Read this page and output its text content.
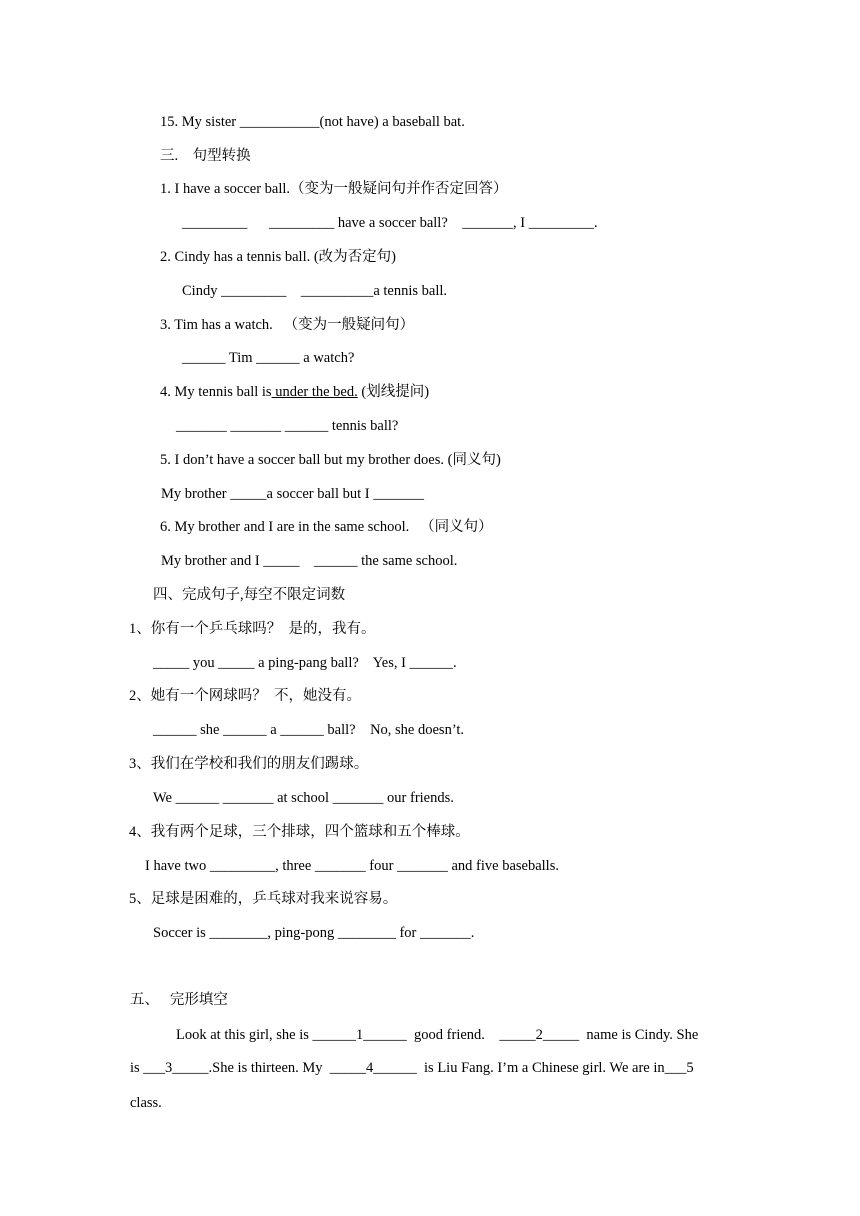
15. My sister ___________(not have) a baseball bat.
三.    句型转换
1. I have a soccer ball.（变为一般疑问句并作否定回答）
_________      _________ have a soccer ball?    _______, I _________.
2. Cindy has a tennis ball. (改为否定句)
Cindy _________    __________a tennis ball.
3. Tim has a watch.   （变为一般疑问句）
______ Tim ______ a watch?
4. My tennis ball is under the bed. (划线提问)
_______ _______ ______ tennis ball?
5. I don’t have a soccer ball but my brother does. (同义句)
My brother _____a soccer ball but I _______
6. My brother and I are in the same school.   （同义句）
My brother and I _____    ______ the same school.
四、完成句子,每空不限定词数
1、你有一个乒乓球吗？  是的，我有。
_____ you _____ a ping-pang ball?    Yes, I ______.
2、她有一个网球吗？  不，她没有。
______ she ______ a ______ ball?    No, she doesn’t.
3、我们在学校和我们的朋友们踢球。
We ______ _______ at school _______ our friends.
4、我有两个足球，三个排球，四个篮球和五个棒球。
I have two _________, three _______ four _______ and five baseballs.
5、足球是困难的，乒乓球对我来说容易。
Soccer is ________, ping-pong ________ for _______.
五、   完形填空
Look at this girl, she is ______1______  good friend.    _____2_____  name is Cindy. She
is ___3_____.She is thirteen. My  _____4______  is Liu Fang. I’m a Chinese girl. We are in___5
class.
